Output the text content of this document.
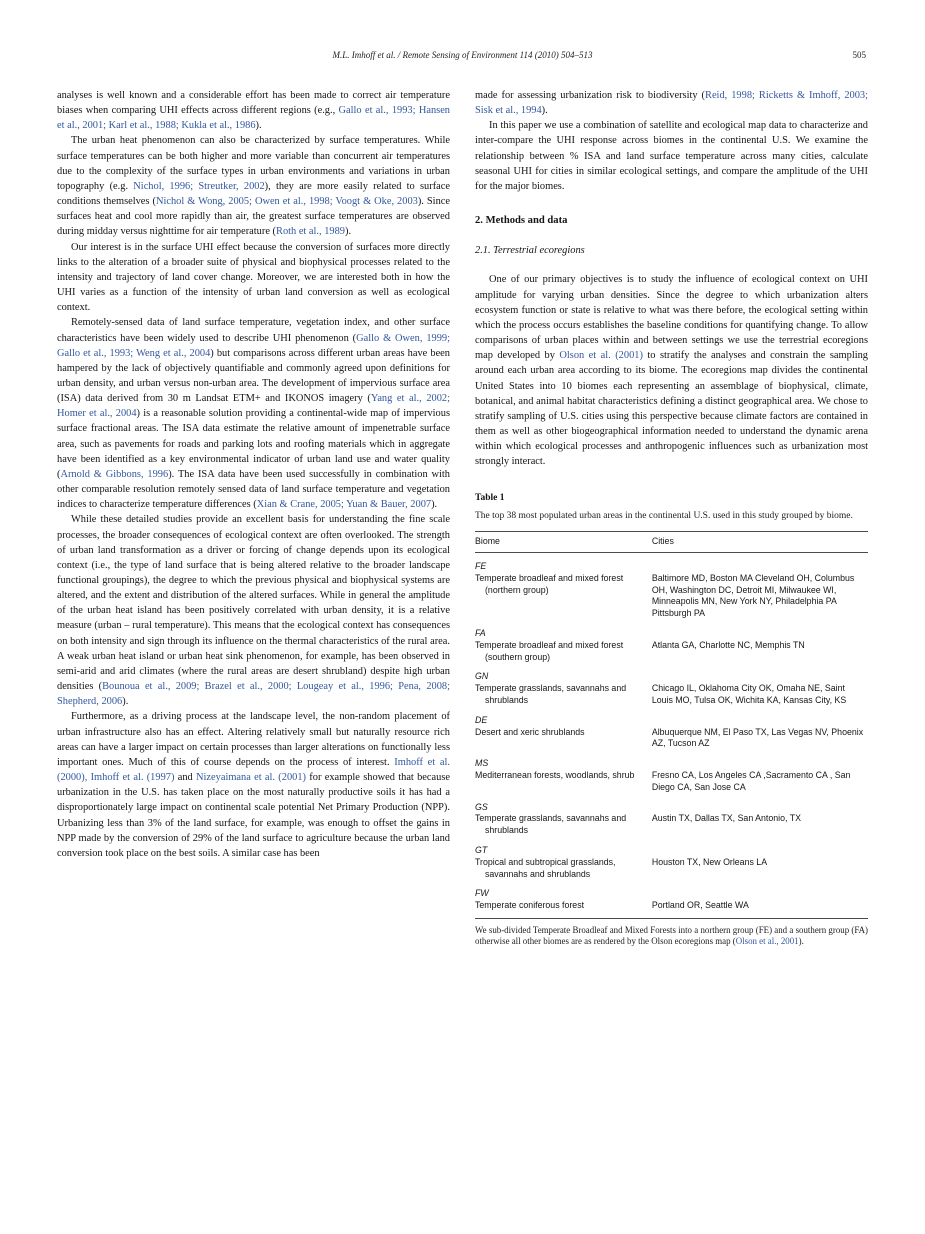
M.L. Imhoff et al. / Remote Sensing of Environment 114 (2010) 504–513	505

analyses is well known and a considerable effort has been made to correct air temperature biases when comparing UHI effects across different regions (e.g., Gallo et al., 1993; Hansen et al., 2001; Karl et al., 1988; Kukla et al., 1986).

The urban heat phenomenon can also be characterized by surface temperatures. While surface temperatures can be both higher and more variable than concurrent air temperatures due to the complexity of the surface types in urban environments and variations in urban topography (e.g. Nichol, 1996; Streutker, 2002), they are more easily related to surface conditions themselves (Nichol & Wong, 2005; Owen et al., 1998; Voogt & Oke, 2003). Since surfaces heat and cool more rapidly than air, the greatest surface temperatures are observed during midday versus nighttime for air temperature (Roth et al., 1989).

Our interest is in the surface UHI effect because the conversion of surfaces more directly links to the alteration of a broader suite of physical and biophysical processes related to the intensity and trajectory of land cover change. Moreover, we are interested both in how the UHI varies as a function of the intensity of urban land conversion as well as ecological context.

Remotely-sensed data of land surface temperature, vegetation index, and other surface characteristics have been widely used to describe UHI phenomenon (Gallo & Owen, 1999; Gallo et al., 1993; Weng et al., 2004) but comparisons across different urban areas have been hampered by the lack of objectively quantifiable and commonly agreed upon definitions for urban density, and urban versus non-urban area. The development of impervious surface area (ISA) data derived from 30 m Landsat ETM+ and IKONOS imagery (Yang et al., 2002; Homer et al., 2004) is a reasonable solution providing a continental-wide map of impervious surface fractional areas. The ISA data estimate the relative amount of impenetrable surface area, such as pavements for roads and parking lots and roofing materials which in aggregate have been identified as a key environmental indicator of urban land use and water quality (Arnold & Gibbons, 1996). The ISA data have been used successfully in combination with other comparable resolution remotely sensed data of land surface temperature and vegetation indices to characterize temperature differences (Xian & Crane, 2005; Yuan & Bauer, 2007).

While these detailed studies provide an excellent basis for understanding the fine scale processes, the broader consequences of ecological context are often overlooked. The strength of urban land transformation as a driver or forcing of change depends upon its ecological context (i.e., the type of land surface that is being altered relative to the broader landscape functional groupings), the degree to which the previous physical and biophysical systems are altered, and the extent and distribution of the altered surfaces. While in general the amplitude of the urban heat island has been positively correlated with urban density, it is a relative measure (urban – rural temperature). This means that the ecological context has consequences on both intensity and sign through its influence on the thermal characteristics of the rural area. A weak urban heat island or urban heat sink phenomenon, for example, has been observed in semi-arid and arid climates (where the rural areas are desert shrubland) despite high urban densities (Bounoua et al., 2009; Brazel et al., 2000; Lougeay et al., 1996; Pena, 2008; Shepherd, 2006).

Furthermore, as a driving process at the landscape level, the non-random placement of urban infrastructure also has an effect. Altering relatively small but naturally resource rich areas can have a larger impact on certain processes than larger alterations on functionally less important ones. Much of this of course depends on the process of interest. Imhoff et al. (2000), Imhoff et al. (1997) and Nizeyaimana et al. (2001) for example showed that because urbanization in the U.S. has taken place on the most naturally productive soils it has had a disproportionately large impact on continental scale potential Net Primary Production (NPP). Urbanizing less than 3% of the land surface, for example, was enough to offset the gains in NPP made by the conversion of 29% of the land surface to agriculture because the urban land conversion took place on the best soils. A similar case has been

made for assessing urbanization risk to biodiversity (Reid, 1998; Ricketts & Imhoff, 2003; Sisk et al., 1994).

In this paper we use a combination of satellite and ecological map data to characterize and inter-compare the UHI response across biomes in the continental U.S. We examine the relationship between % ISA and land surface temperature across many cities, calculate seasonal UHI for cities in similar ecological settings, and compare the amplitude of the UHI for the major biomes.

2. Methods and data
2.1. Terrestrial ecoregions

One of our primary objectives is to study the influence of ecological context on UHI amplitude for varying urban densities. Since the degree to which urbanization alters ecosystem function or state is relative to what was there before, the ecological setting within which the process occurs establishes the baseline conditions for quantifying change. To allow comparisons of urban places within and between settings we use the terrestrial ecoregions map developed by Olson et al. (2001) to stratify the analyses and constrain the sampling around each urban area according to its biome. The ecoregions map divides the continental United States into 10 biomes each representing an assemblage of biophysical, climate, botanical, and animal habitat characteristics defining a distinct geographical area. We chose to stratify sampling of U.S. cities using this perspective because climate factors are contained in them as well as other biogeographical information needed to understand the dynamic arena within which ecological processes and anthropogenic influences such as urbanization most strongly interact.

Table 1
The top 38 most populated urban areas in the continental U.S. used in this study grouped by biome.
Biome	Cities
FE	
Temperate broadleaf and mixed forest (northern group)	Baltimore MD, Boston MA Cleveland OH, Columbus OH, Washington DC, Detroit MI, Milwaukee WI, Minneapolis MN, New York NY, Philadelphia PA Pittsburgh PA
FA	
Temperate broadleaf and mixed forest (southern group)	Atlanta GA, Charlotte NC, Memphis TN
GN	
Temperate grasslands, savannahs and shrublands	Chicago IL, Oklahoma City OK, Omaha NE, Saint Louis MO, Tulsa OK, Wichita KA, Kansas City, KS
DE	
Desert and xeric shrublands	Albuquerque NM, El Paso TX, Las Vegas NV, Phoenix AZ, Tucson AZ
MS	
Mediterranean forests, woodlands, shrub	Fresno CA, Los Angeles CA ,Sacramento CA , San Diego CA, San Jose CA
GS	
Temperate grasslands, savannahs and shrublands	Austin TX, Dallas TX, San Antonio, TX
GT	
Tropical and subtropical grasslands, savannahs and shrublands	Houston TX, New Orleans LA
FW	
Temperate coniferous forest	Portland OR, Seattle WA
We sub-divided Temperate Broadleaf and Mixed Forests into a northern group (FE) and a southern group (FA) otherwise all other biomes are as rendered by the Olson ecoregions map (Olson et al., 2001).
